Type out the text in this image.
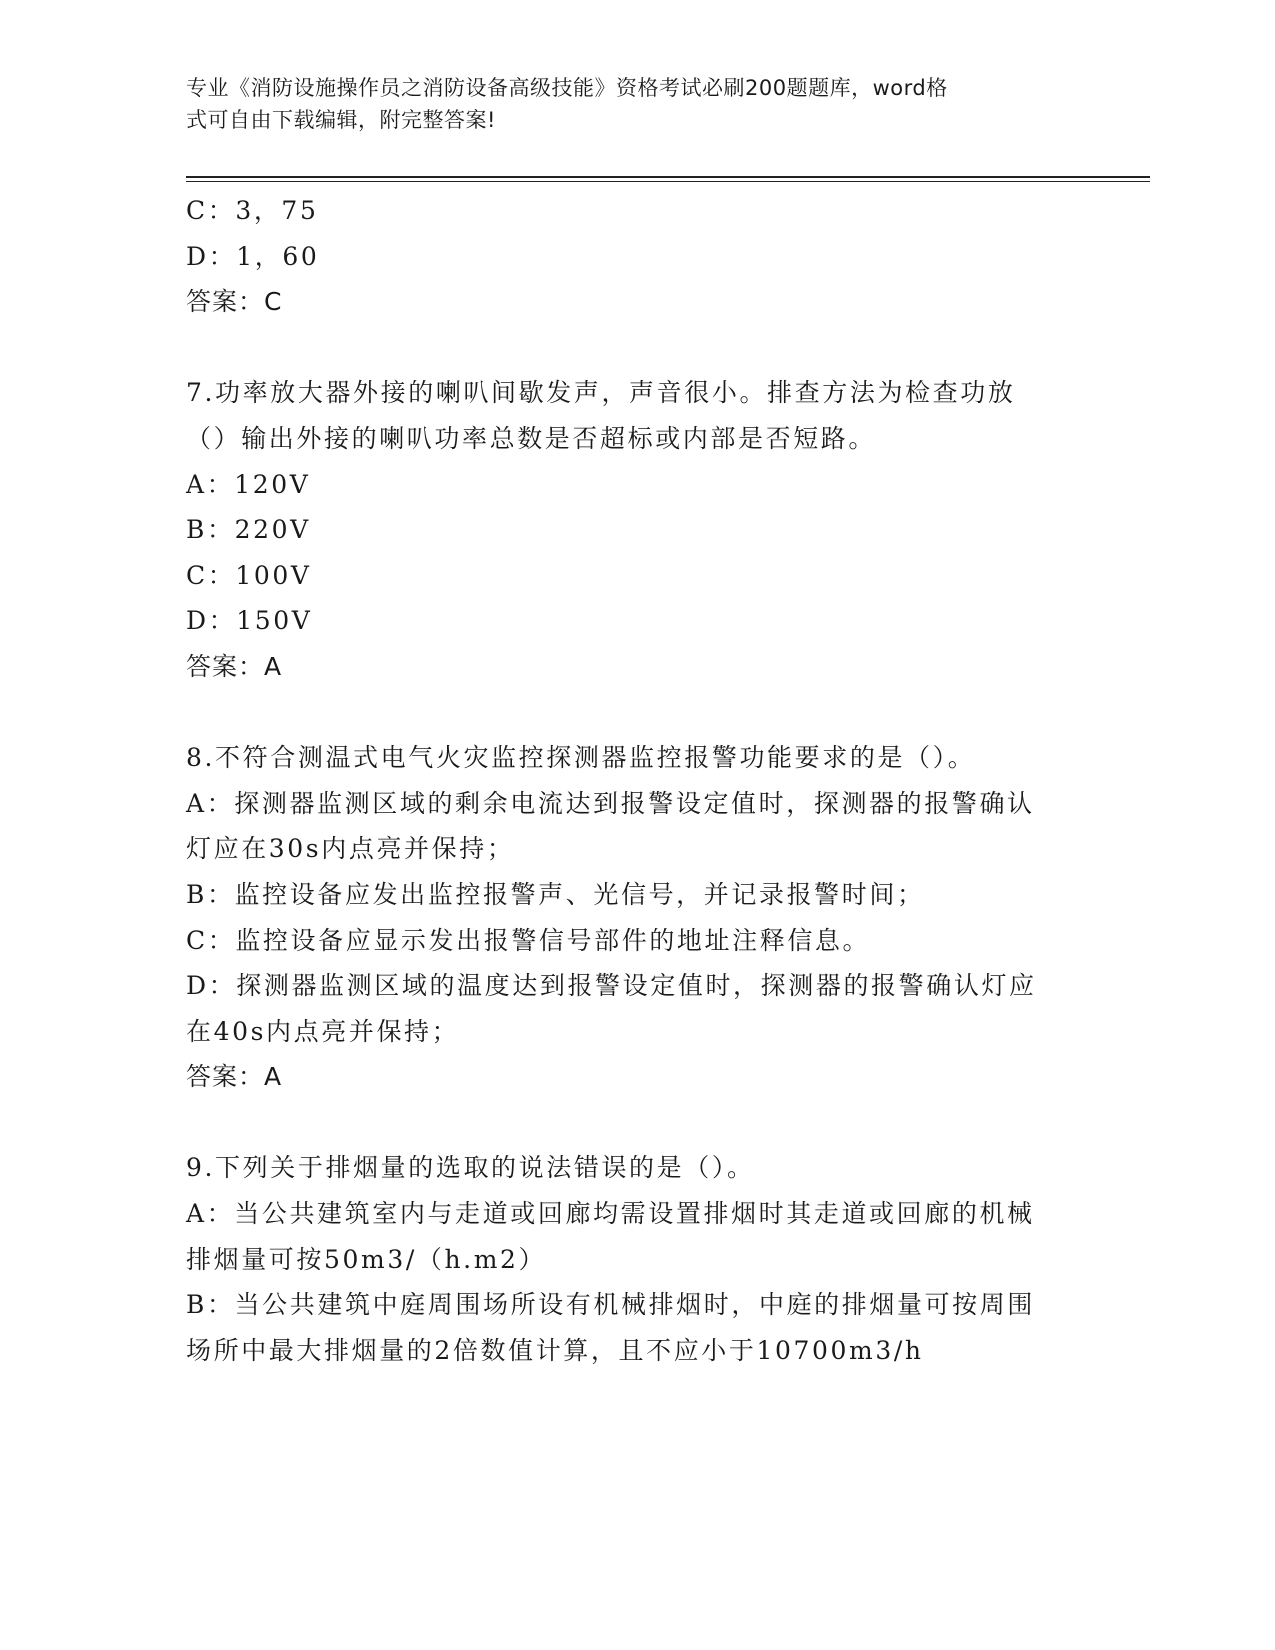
专业《消防设施操作员之消防设备高级技能》资格考试必刷200题题库，word格
式可自由下载编辑，附完整答案!
C：3，75
D：1，60
答案：C
7.功率放大器外接的喇叭间歇发声，声音很小。排查方法为检查功放
（）输出外接的喇叭功率总数是否超标或内部是否短路。
A：120V
B：220V
C：100V
D：150V
答案：A
8.不符合测温式电气火灾监控探测器监控报警功能要求的是（）。
A：探测器监测区域的剩余电流达到报警设定值时，探测器的报警确认
灯应在30s内点亮并保持；
B：监控设备应发出监控报警声、光信号，并记录报警时间；
C：监控设备应显示发出报警信号部件的地址注释信息。
D：探测器监测区域的温度达到报警设定值时，探测器的报警确认灯应
在40s内点亮并保持；
答案：A
9.下列关于排烟量的选取的说法错误的是（）。
A：当公共建筑室内与走道或回廊均需设置排烟时其走道或回廊的机械
排烟量可按50m3/（h.m2）
B：当公共建筑中庭周围场所设有机械排烟时，中庭的排烟量可按周围
场所中最大排烟量的2倍数值计算，且不应小于10700m3/h
